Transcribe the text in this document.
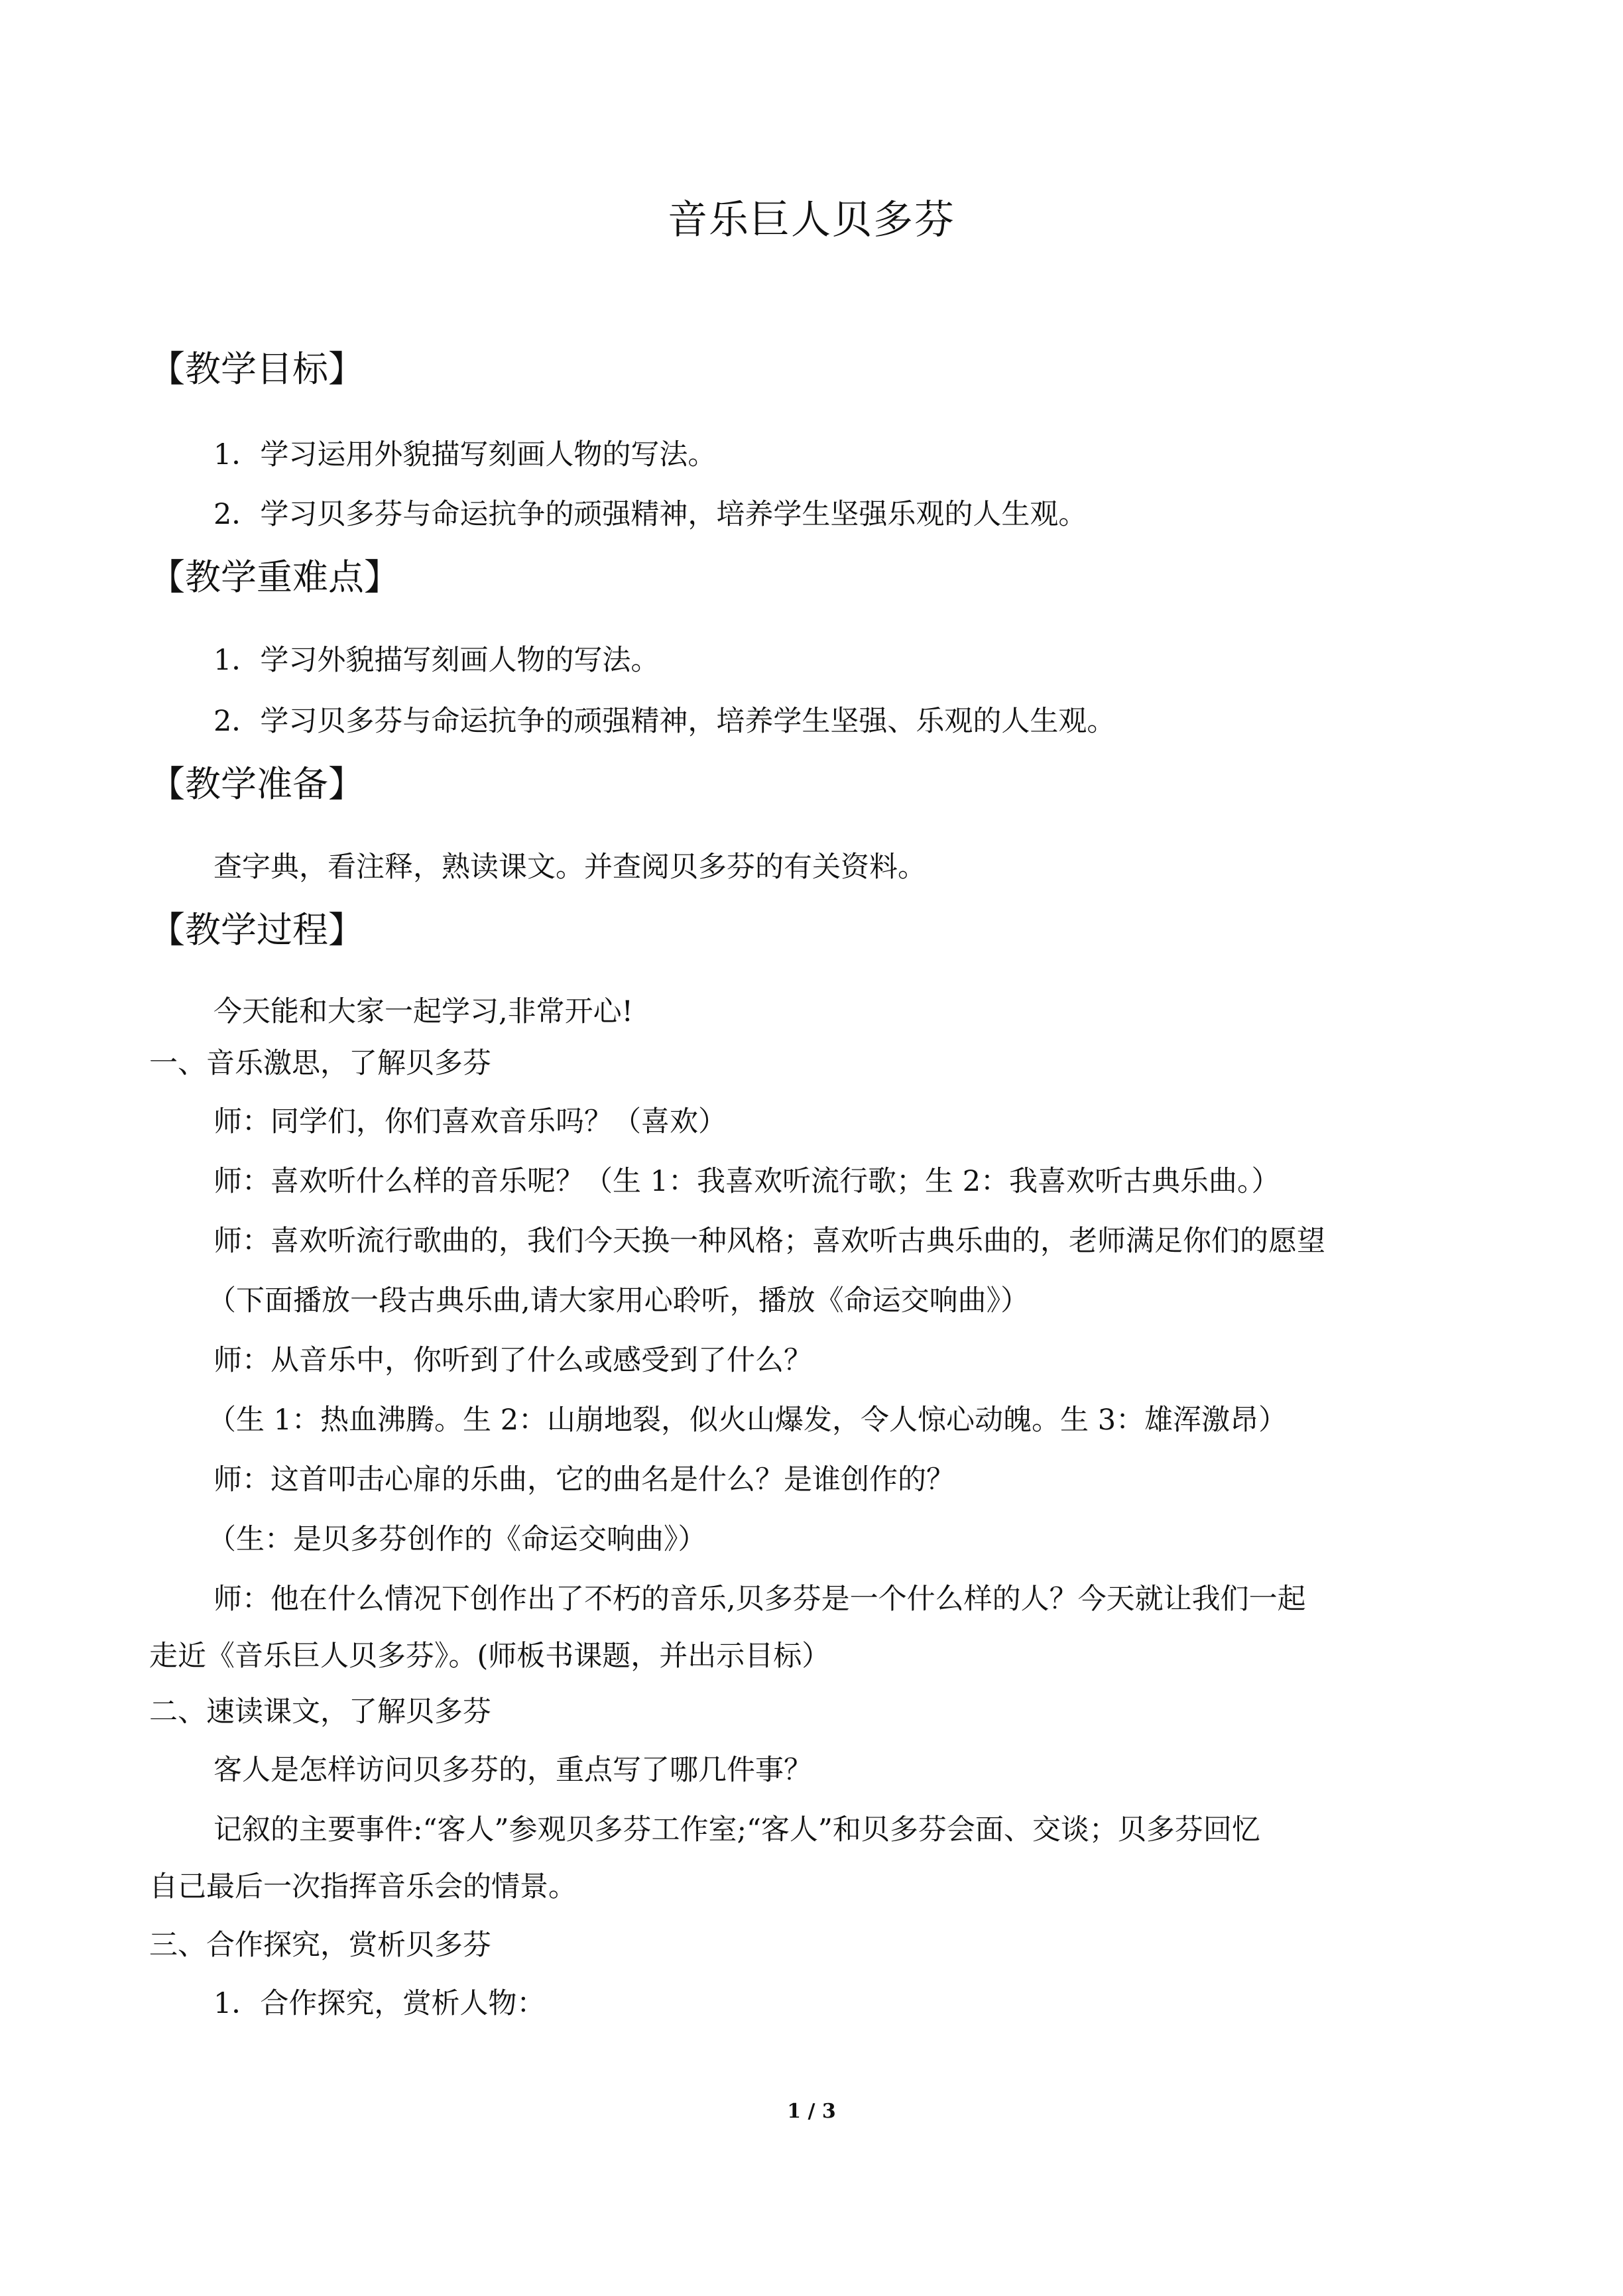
音乐巨人贝多芬
【教学目标】
1．学习运用外貌描写刻画人物的写法。
2．学习贝多芬与命运抗争的顽强精神，培养学生坚强乐观的人生观。
【教学重难点】
1．学习外貌描写刻画人物的写法。
2．学习贝多芬与命运抗争的顽强精神，培养学生坚强、乐观的人生观。
【教学准备】
查字典，看注释，熟读课文。并查阅贝多芬的有关资料。
【教学过程】
今天能和大家一起学习,非常开心!
一、音乐激思，了解贝多芬
师：同学们，你们喜欢音乐吗？（喜欢）
师：喜欢听什么样的音乐呢？（生 1：我喜欢听流行歌；生 2：我喜欢听古典乐曲。）
师：喜欢听流行歌曲的，我们今天换一种风格；喜欢听古典乐曲的，老师满足你们的愿望
（下面播放一段古典乐曲,请大家用心聆听，播放《命运交响曲》）
师：从音乐中，你听到了什么或感受到了什么？
（生 1：热血沸腾。生 2：山崩地裂，似火山爆发，令人惊心动魄。生 3：雄浑激昂）
师：这首叩击心扉的乐曲，它的曲名是什么？是谁创作的？
（生：是贝多芬创作的《命运交响曲》）
师：他在什么情况下创作出了不朽的音乐,贝多芬是一个什么样的人？今天就让我们一起
走近《音乐巨人贝多芬》。(师板书课题，并出示目标）
二、速读课文，了解贝多芬
客人是怎样访问贝多芬的，重点写了哪几件事？
记叙的主要事件:“客人”参观贝多芬工作室;“客人”和贝多芬会面、交谈；贝多芬回忆
自己最后一次指挥音乐会的情景。
三、合作探究，赏析贝多芬
1．合作探究，赏析人物：
1 / 3
